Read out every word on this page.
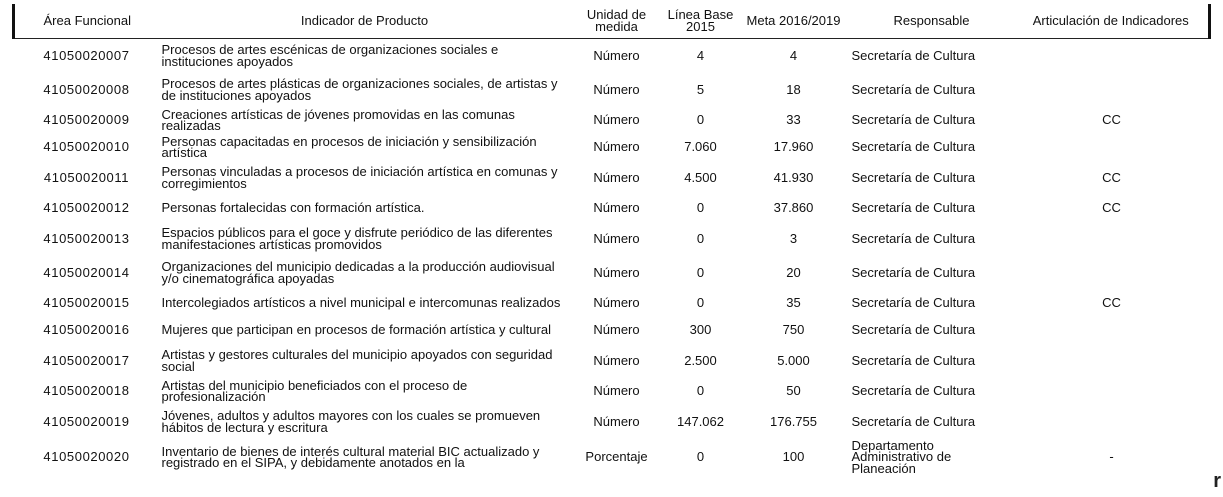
Área Funcional	Indicador de Producto	Unidad de medida	Línea Base 2015	Meta 2016/2019	Responsable	Articulación de Indicadores
41050020007	Procesos de artes escénicas de organizaciones sociales e instituciones apoyados	Número	4	4	Secretaría de Cultura	
41050020008	Procesos de artes plásticas de organizaciones sociales, de artistas y de instituciones apoyados	Número	5	18	Secretaría de Cultura	
41050020009	Creaciones artísticas de jóvenes promovidas en las comunas realizadas	Número	0	33	Secretaría de Cultura	CC
41050020010	Personas capacitadas en procesos de iniciación y sensibilización artística	Número	7.060	17.960	Secretaría de Cultura	
41050020011	Personas vinculadas a procesos de iniciación artística en comunas y corregimientos	Número	4.500	41.930	Secretaría de Cultura	CC
41050020012	Personas fortalecidas con formación artística.	Número	0	37.860	Secretaría de Cultura	CC
41050020013	Espacios públicos para el goce y disfrute periódico de las diferentes manifestaciones artísticas promovidos	Número	0	3	Secretaría de Cultura	
41050020014	Organizaciones del municipio dedicadas a la producción audiovisual y/o cinematográfica apoyadas	Número	0	20	Secretaría de Cultura	
41050020015	Intercolegiados artísticos a nivel municipal e intercomunas realizados	Número	0	35	Secretaría de Cultura	CC
41050020016	Mujeres que participan en procesos de formación artística y cultural	Número	300	750	Secretaría de Cultura	
41050020017	Artistas y gestores culturales del municipio apoyados con seguridad social	Número	2.500	5.000	Secretaría de Cultura	
41050020018	Artistas del municipio beneficiados con el proceso de profesionalización	Número	0	50	Secretaría de Cultura	
41050020019	Jóvenes, adultos y adultos mayores con los cuales se promueven hábitos de lectura y escritura	Número	147.062	176.755	Secretaría de Cultura	
41050020020	Inventario de bienes de interés cultural material BIC actualizado y registrado en el SIPA, y debidamente anotados en la	Porcentaje	0	100	Departamento Administrativo de Planeación	-
r
